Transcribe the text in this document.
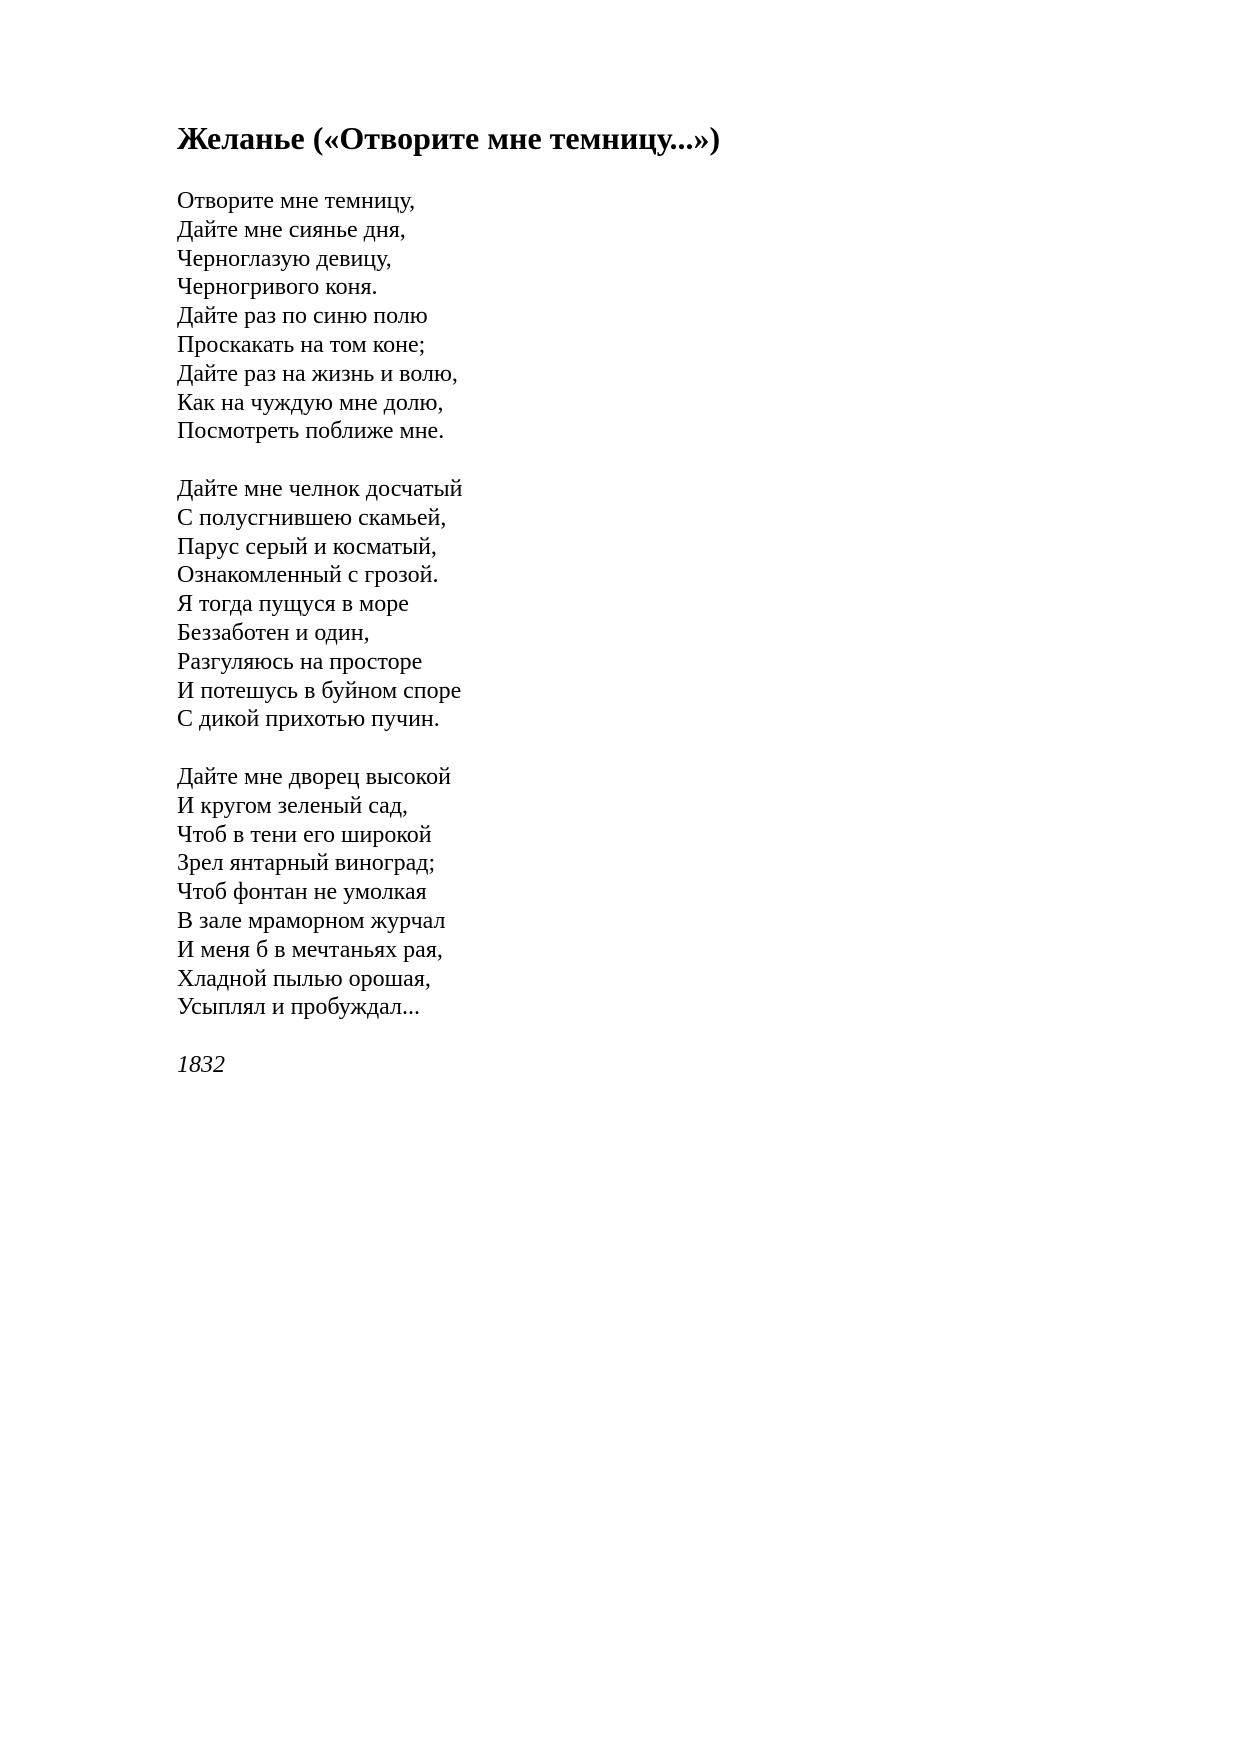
Желанье («Отворите мне темницу...»)
Отворите мне темницу,
Дайте мне сиянье дня,
Черноглазую девицу,
Черногривого коня.
Дайте раз по синю полю
Проскакать на том коне;
Дайте раз на жизнь и волю,
Как на чуждую мне долю,
Посмотреть поближе мне.
Дайте мне челнок досчатый
С полусгнившею скамьей,
Парус серый и косматый,
Ознакомленный с грозой.
Я тогда пущуся в море
Беззаботен и один,
Разгуляюсь на просторе
И потешусь в буйном споре
С дикой прихотью пучин.
Дайте мне дворец высокой
И кругом зеленый сад,
Чтоб в тени его широкой
Зрел янтарный виноград;
Чтоб фонтан не умолкая
В зале мраморном журчал
И меня б в мечтаньях рая,
Хладной пылью орошая,
Усыплял и пробуждал...

1832
